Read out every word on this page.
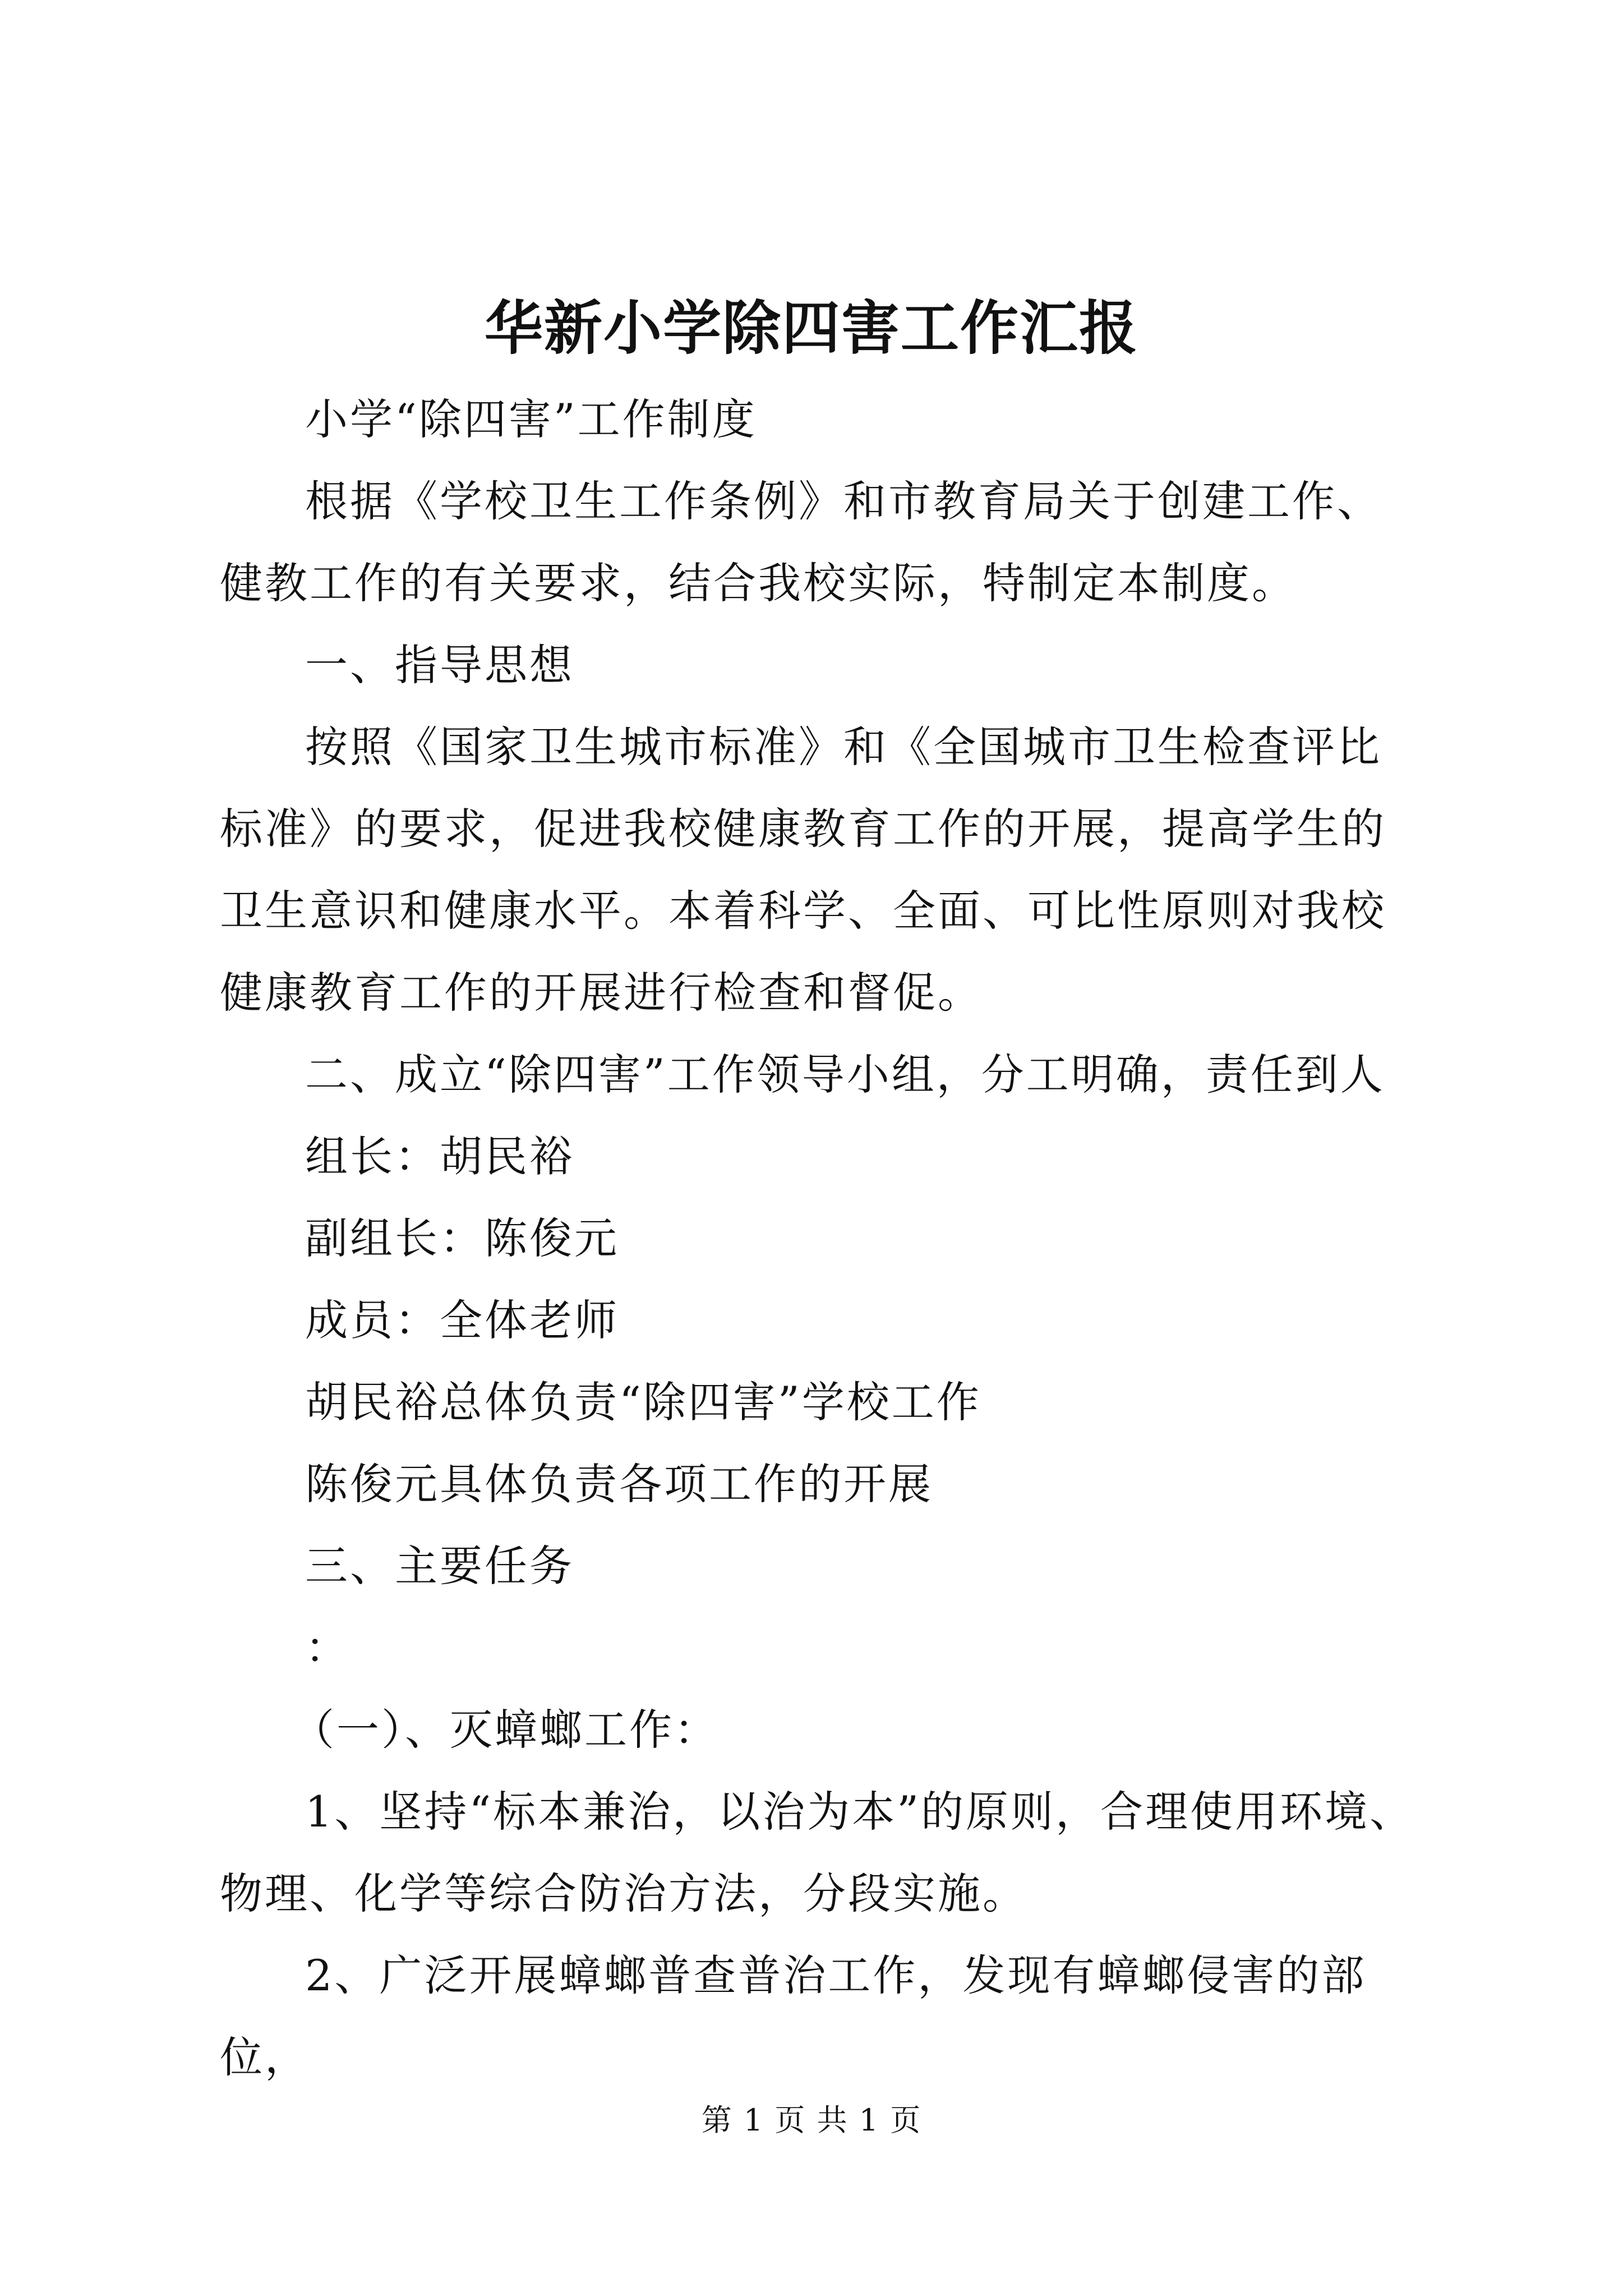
华新小学除四害工作汇报

小学“除四害”工作制度

根据《学校卫生工作条例》和市教育局关于创建工作、健教工作的有关要求，结合我校实际，特制定本制度。

一、指导思想

按照《国家卫生城市标准》和《全国城市卫生检查评比标准》的要求，促进我校健康教育工作的开展，提高学生的卫生意识和健康水平。本着科学、全面、可比性原则对我校健康教育工作的开展进行检查和督促。

二、成立“除四害”工作领导小组，分工明确，责任到人

组长：胡民裕

副组长：陈俊元

成员：全体老师

胡民裕总体负责“除四害”学校工作

陈俊元具体负责各项工作的开展

三、主要任务

：

（一）、灭蟑螂工作：

1、坚持“标本兼治，以治为本”的原则，合理使用环境、物理、化学等综合防治方法，分段实施。

2、广泛开展蟑螂普查普治工作，发现有蟑螂侵害的部位，

第 1 页 共 1 页
